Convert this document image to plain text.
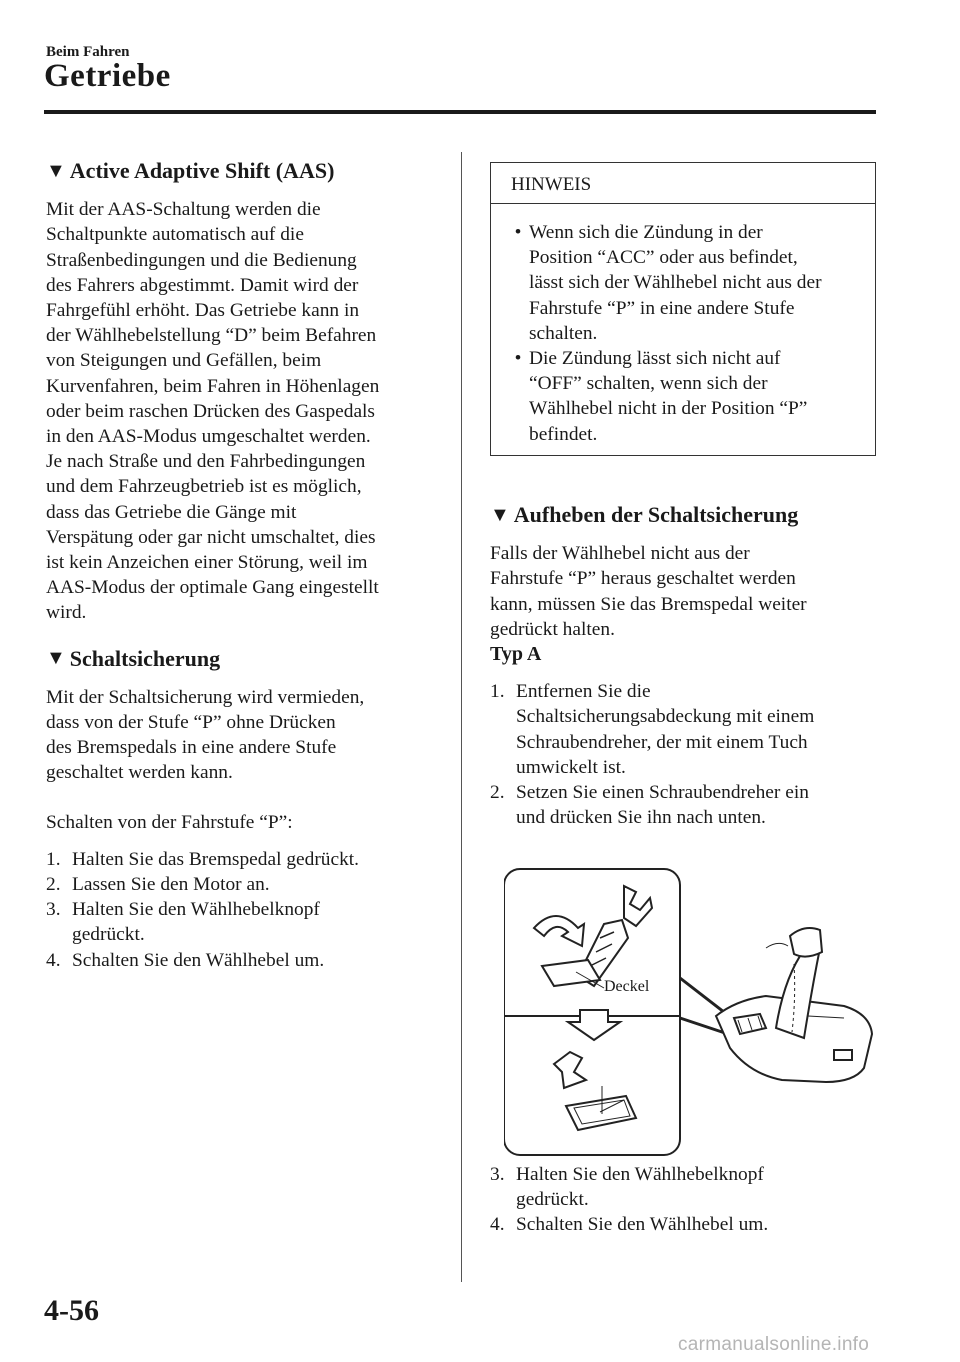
Beim Fahren
Getriebe
▼ Active Adaptive Shift (AAS)

Mit der AAS-Schaltung werden die

Schaltpunkte automatisch auf die

Straßenbedingungen und die Bedienung

des Fahrers abgestimmt. Damit wird der

Fahrgefühl erhöht. Das Getriebe kann in

der Wählhebelstellung “D” beim Befahren

von Steigungen und Gefällen, beim

Kurvenfahren, beim Fahren in Höhenlagen

oder beim raschen Drücken des Gaspedals

in den AAS-Modus umgeschaltet werden.

Je nach Straße und den Fahrbedingungen

und dem Fahrzeugbetrieb ist es möglich,

dass das Getriebe die Gänge mit

Verspätung oder gar nicht umschaltet, dies

ist kein Anzeichen einer Störung, weil im

AAS-Modus der optimale Gang eingestellt

wird.

▼ Schaltsicherung

Mit der Schaltsicherung wird vermieden,

dass von der Stufe “P” ohne Drücken

des Bremspedals in eine andere Stufe

geschaltet werden kann.

Schalten von der Fahrstufe “P”:

1. Halten Sie das Bremspedal gedrückt.
2. Lassen Sie den Motor an.
3. Halten Sie den Wählhebelknopf
gedrückt.
4. Schalten Sie den Wählhebel um.
HINWEIS
• Wenn sich die Zündung in der
Position “ACC” oder aus befindet,
lässt sich der Wählhebel nicht aus der
Fahrstufe “P” in eine andere Stufe
schalten.
• Die Zündung lässt sich nicht auf
“OFF” schalten, wenn sich der
Wählhebel nicht in der Position “P”
befindet.
▼ Aufheben der Schaltsicherung

Falls der Wählhebel nicht aus der

Fahrstufe “P” heraus geschaltet werden

kann, müssen Sie das Bremspedal weiter

gedrückt halten.

Typ A

1. Entfernen Sie die
Schaltsicherungsabdeckung mit einem
Schraubendreher, der mit einem Tuch
umwickelt ist.
2. Setzen Sie einen Schraubendreher ein
und drücken Sie ihn nach unten.
Deckel
3. Halten Sie den Wählhebelknopf
gedrückt.
4. Schalten Sie den Wählhebel um.
4-56
carmanualsonline.info
